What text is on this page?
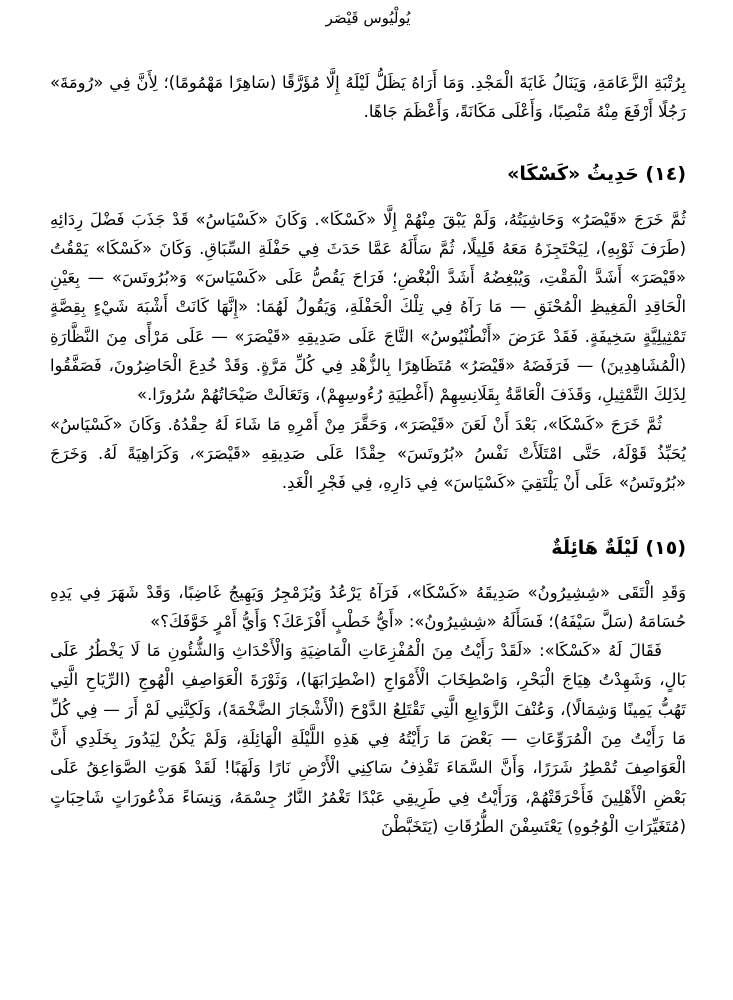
يُولْيُوس قَيْصَر

بِرُتْبَةِ الزَّعَامَةِ، وَيَنَالُ غَايَةَ الْمَجْدِ. وَمَا أَرَاهُ يَظَلُّ لَيْلَهُ إِلَّا مُؤَرَّقًا (سَاهِرًا مَهْمُومًا)؛ لِأَنَّ فِي «رُومَةَ» رَجُلًا أَرْفَعَ مِنْهُ مَنْصِبًا، وَأَعْلَى مَكَانَةً، وَأَعْظَمَ جَاهًا.

(١٤) حَدِيثُ «كَسْكَا»

ثُمَّ خَرَجَ «قَيْصَرُ» وَحَاشِيَتُهُ، وَلَمْ يَبْقَ مِنْهُمْ إِلَّا «كَسْكَا». وَكَانَ «كَسْيَاسُ» قَدْ جَذَبَ فَضْلَ رِدَائِهِ (طَرَفَ ثَوْبِهِ)، لِيَحْتَجِزَهُ مَعَهُ قَلِيلًا، ثُمَّ سَأَلَهُ عَمَّا حَدَثَ فِي حَفْلَةِ السِّبَاقِ. وَكَانَ «كَسْكَا» يَمْقُتُ «قَيْصَرَ» أَشَدَّ الْمَقْتِ، وَيُبْغِضُهُ أَشَدَّ الْبُغْضِ؛ فَرَاحَ يَقُصُّ عَلَى «كَسْيَاسَ» وَ«بُرُوتَسَ» — بِعَيْنِ الْحَاقِدِ الْمَغِيظِ الْمُحْنَقِ — مَا رَآهُ فِي تِلْكَ الْحَفْلَةِ، وَيَقُولُ لَهُمَا: «إِنَّهَا كَانَتْ أَشْبَهَ شَيْءٍ بِقِصَّةٍ تَمْثِيلِيَّةٍ سَخِيفَةٍ. فَقَدْ عَرَضَ «أَنْطُنْيُوسُ» التَّاجَ عَلَى صَدِيقِهِ «قَيْصَرَ» — عَلَى مَرْأًى مِنَ النَّظَّارَةِ (الْمُشَاهِدِينَ) — فَرَفَضَهُ «قَيْصَرُ» مُتَظَاهِرًا بِالزُّهْدِ فِي كُلِّ مَرَّةٍ. وَقَدْ خُدِعَ الْحَاضِرُونَ، فَصَفَّقُوا لِذَلِكَ التَّمْثِيلِ، وَقَذَفَ الْعَامَّةُ بِقَلَانِسِهِمْ (أَغْطِيَةِ رُءُوسِهِمْ)، وَتَعَالَتْ صَيْحَاتُهُمْ سُرُورًا.»

ثُمَّ خَرَجَ «كَسْكَا»، بَعْدَ أَنْ لَعَنَ «قَيْصَرَ»، وَحَقَّرَ مِنْ أَمْرِهِ مَا شَاءَ لَهُ حِقْدُهُ. وَكَانَ «كَسْيَاسُ» يُحَبِّذُ قَوْلَهُ، حَتَّى امْتَلَأَتْ نَفْسُ «بُرُوتَسَ» حِقْدًا عَلَى صَدِيقِهِ «قَيْصَرَ»، وَكَرَاهِيَةً لَهُ. وَخَرَجَ «بُرُوتَسُ» عَلَى أَنْ يَلْتَقِيَ «كَسْيَاسَ» فِي دَارِهِ، فِي فَجْرِ الْغَدِ.

(١٥) لَيْلَةٌ هَائِلَةٌ

وَقَدِ الْتَقَى «شِشِيرُونُ» صَدِيقَهُ «كَسْكَا»، فَرَآهُ يَرْعُدُ وَيُزَمْجِرُ وَيَهِيجُ غَاضِبًا، وَقَدْ شَهَرَ فِي يَدِهِ حُسَامَهُ (سَلَّ سَيْفَهُ)؛ فَسَأَلَهُ «شِشِيرُونُ»: «أَيُّ خَطْبٍ أَفْزَعَكَ؟ وَأَيُّ أَمْرٍ خَوَّفَكَ؟»

فَقَالَ لَهُ «كَسْكَا»: «لَقَدْ رَأَيْتُ مِنَ الْمُفْزِعَاتِ الْمَاضِيَةِ وَالْأَحْدَاثِ وَالشُّئُونِ مَا لَا يَخْطُرُ عَلَى بَالٍ، وَشَهِدْتُ هِيَاجَ الْبَحْرِ، وَاصْطِخَابَ الْأَمْوَاجِ (اضْطِرَابَهَا)، وَثَوْرَةَ الْعَوَاصِفِ الْهُوجِ (الرِّيَاحِ الَّتِي تَهُبُّ يَمِينًا وَشِمَالًا)، وَعُنْفَ الزَّوَابِعِ الَّتِي تَقْتَلِعُ الدَّوْحَ (الْأَشْجَارَ الضَّخْمَةَ)، وَلَكِنَّنِي لَمْ أَرَ — فِي كُلِّ مَا رَأَيْتُ مِنَ الْمُرَوِّعَاتِ — بَعْضَ مَا رَأَيْتُهُ فِي هَذِهِ اللَّيْلَةِ الْهَائِلَةِ، وَلَمْ يَكُنْ لِيَدُورَ بِخَلَدِي أَنَّ الْعَوَاصِفَ تُمْطِرُ شَرَرًا، وَأَنَّ السَّمَاءَ تَقْذِفُ سَاكِنِي الْأَرْضِ نَارًا وَلَهَبًا! لَقَدْ هَوَتِ الصَّوَاعِقُ عَلَى بَعْضِ الْأَهْلِينَ فَأَحْرَقَتْهُمْ، وَرَأَيْتُ فِي طَرِيقِي عَبْدًا تَغْمُرُ النَّارُ جِسْمَهُ، وَنِسَاءً مَذْعُورَاتٍ شَاحِبَاتٍ (مُتَغَيِّرَاتِ الْوُجُوهِ) يَعْتَسِفْنَ الطُّرُقَاتِ (يَتَخَبَّطْنَ
